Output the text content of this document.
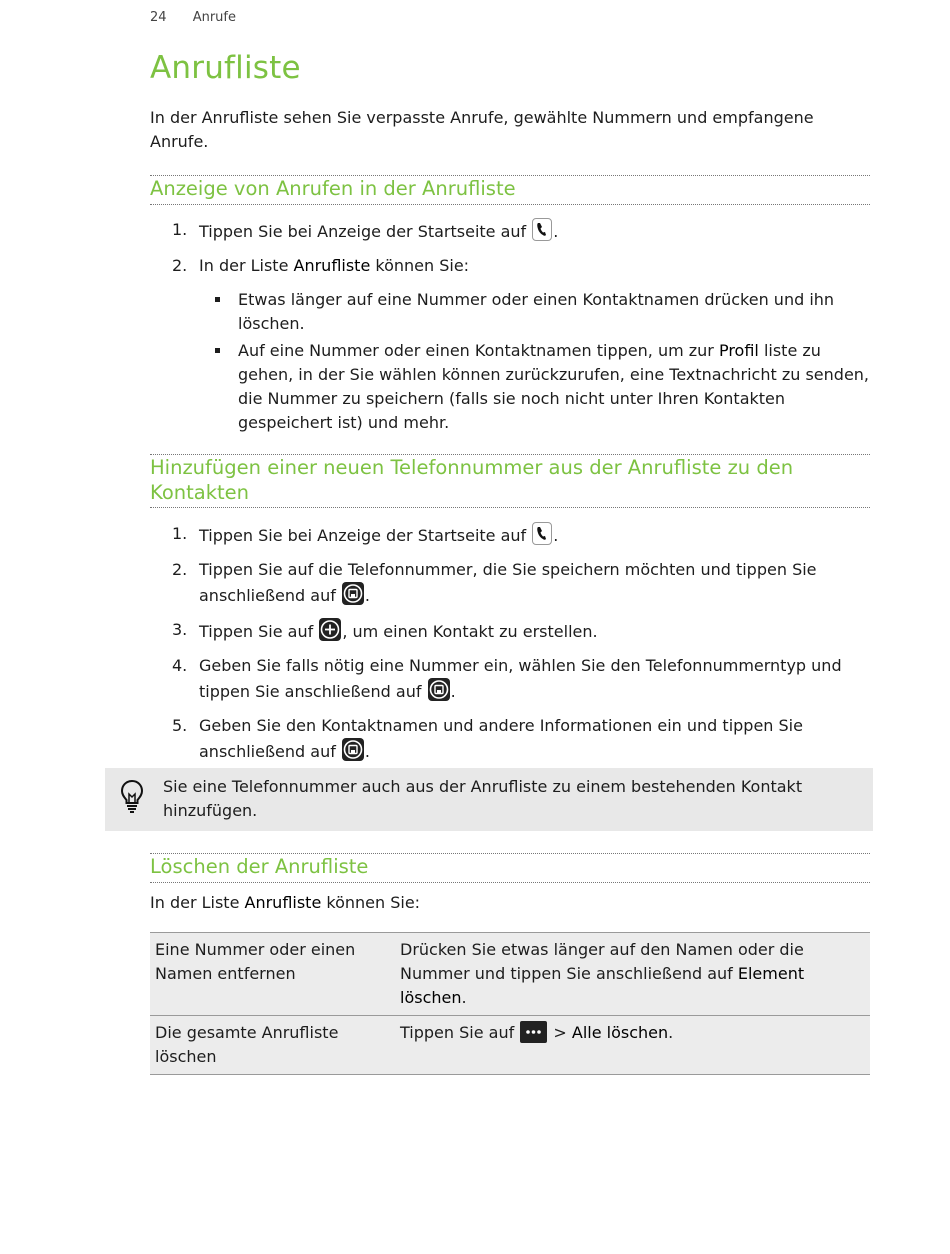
24 Anrufe
Anrufliste
In der Anrufliste sehen Sie verpasste Anrufe, gewählte Nummern und empfangene Anrufe.
Anzeige von Anrufen in der Anrufliste
1. Tippen Sie bei Anzeige der Startseite auf
.
2. In der Liste Anrufliste können Sie:
Etwas länger auf eine Nummer oder einen Kontaktnamen drücken und ihn löschen.
Auf eine Nummer oder einen Kontaktnamen tippen, um zur Profil liste zu gehen, in der Sie wählen können zurückzurufen, eine Textnachricht zu senden, die Nummer zu speichern (falls sie noch nicht unter Ihren Kontakten gespeichert ist) und mehr.
Hinzufügen einer neuen Telefonnummer aus der Anrufliste zu den Kontakten
1. Tippen Sie bei Anzeige der Startseite auf
.
2. Tippen Sie auf die Telefonnummer, die Sie speichern möchten und tippen Sie anschließend auf
.
3. Tippen Sie auf
, um einen Kontakt zu erstellen.
4. Geben Sie falls nötig eine Nummer ein, wählen Sie den Telefonnummerntyp und tippen Sie anschließend auf
.
5. Geben Sie den Kontaktnamen und andere Informationen ein und tippen Sie anschließend auf
.
Löschen der Anrufliste
In der Liste Anrufliste können Sie:
Eine Nummer oder einen Namen entfernen	Drücken Sie etwas länger auf den Namen oder die Nummer und tippen Sie anschließend auf Element löschen.
Die gesamte Anrufliste löschen	Tippen Sie auf
> Alle löschen.
Sie eine Telefonnummer auch aus der Anrufliste zu einem bestehenden Kontakt hinzufügen.
